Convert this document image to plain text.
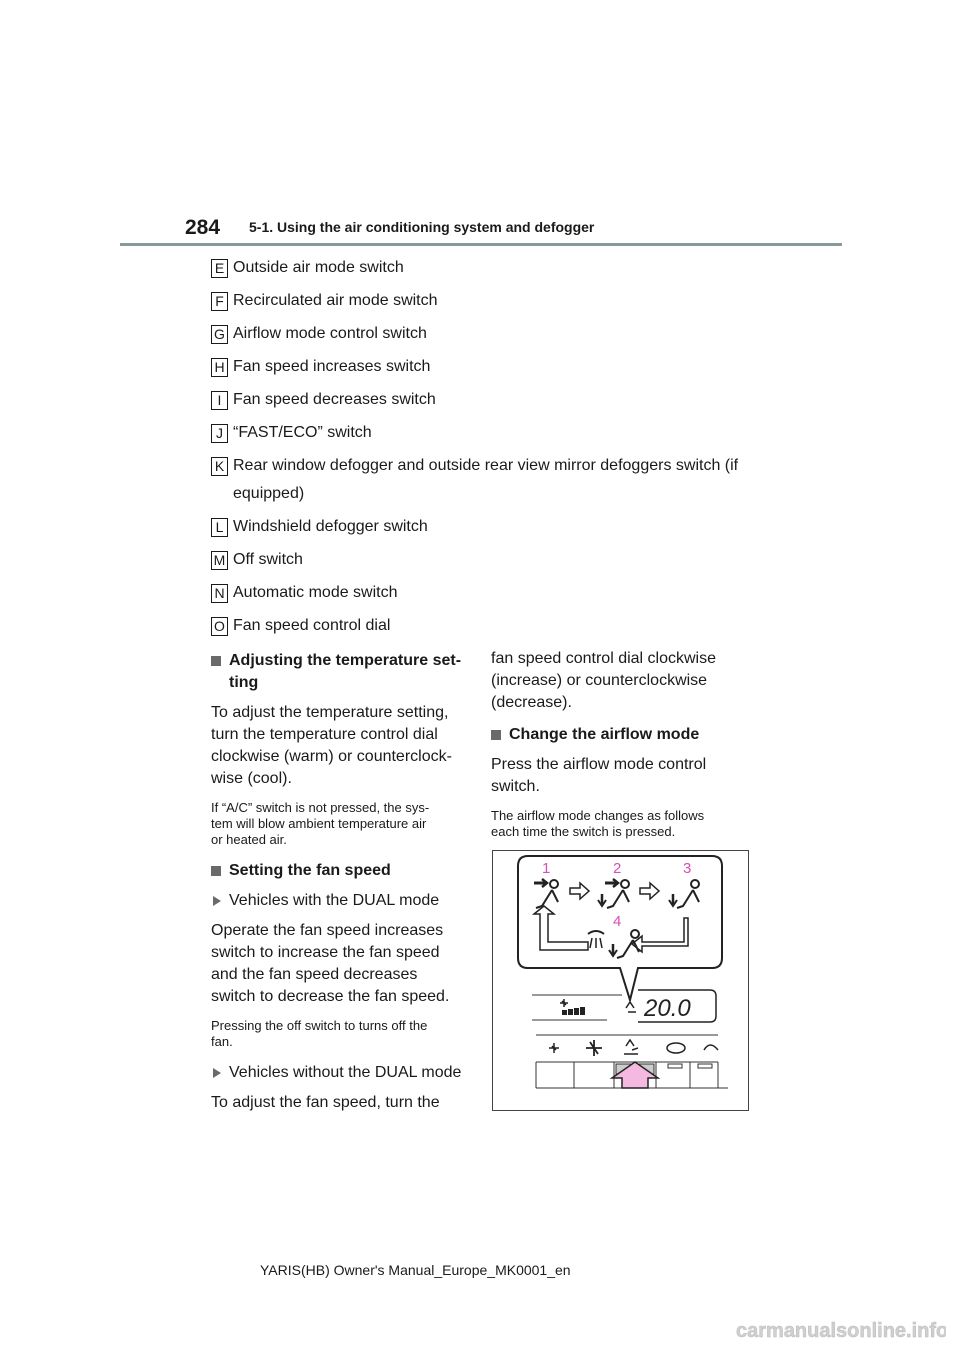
284 5-1. Using the air conditioning system and defogger
E Outside air mode switch
F Recirculated air mode switch
G Airflow mode control switch
H Fan speed increases switch
I Fan speed decreases switch
J “FAST/ECO” switch
K Rear window defogger and outside rear view mirror defoggers switch (if
equipped)
L Windshield defogger switch
M Off switch
N Automatic mode switch
O Fan speed control dial
Adjusting the temperature set-
ting

To adjust the temperature setting,
turn the temperature control dial
clockwise (warm) or counterclock-
wise (cool).

If “A/C” switch is not pressed, the sys-
tem will blow ambient temperature air
or heated air.

Setting the fan speed
Vehicles with the DUAL mode

Operate the fan speed increases
switch to increase the fan speed
and the fan speed decreases
switch to decrease the fan speed.

Pressing the off switch to turns off the
fan.

Vehicles without the DUAL mode

To adjust the fan speed, turn the

fan speed control dial clockwise
(increase) or counterclockwise
(decrease).

Change the airflow mode

Press the airflow mode control
switch.

The airflow mode changes as follows
each time the switch is pressed.

1	2	3
4
20.0
YARIS(HB) Owner's Manual_Europe_MK0001_en
carmanualsonline.info
